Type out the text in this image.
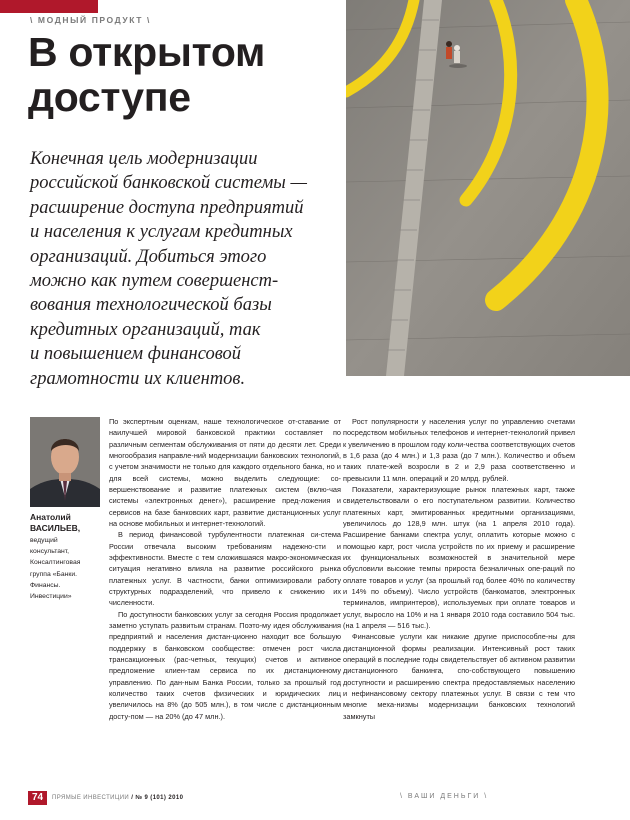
\ МОДНЫЙ ПРОДУКТ \
В открытом
доступе
Конечная цель модернизации
российской банковской системы —
расширение доступа предприятий
и населения к услугам кредитных
организаций. Добиться этого
можно как путем совершенст-
вования технологической базы
кредитных организаций, так
и повышением финансовой
грамотности их клиентов.
Анатолий
ВАСИЛЬЕВ,
ведущий
консультант,
Консалтинговая
группа «Банки.
Финансы.
Инвестиции»

По экспертным оценкам, наше технологическое от-ставание от наилучшей мировой банковской практики составляет по различным сегментам обслуживания от пяти до десяти лет. Среди многообразия направле-ний модернизации банковских технологий, с учетом значимости не только для каждого отдельного банка, но и для всей системы, можно выделить следующие: со-вершенствование и развитие платежных систем (вклю-чая системы «электронных денег»), расширение пред-ложения и сервисов на базе банковских карт, развитие дистанционных услуг на основе мобильных и интернет-технологий.

В период финансовой турбулентности платежная си-стема России отвечала высоким требованиям надежно-сти и эффективности. Вместе с тем сложившаяся макро-экономическая ситуация негативно влияла на развитие российского рынка платежных услуг. В частности, банки оптимизировали работу структурных подразделений, что привело к снижению их численности.

По доступности банковских услуг за сегодня Россия продолжает заметно уступать развитым странам. Поэто-му идея обслуживания предприятий и населения дистан-ционно находит все большую поддержку в банковском сообществе: отмечен рост числа трансакционных (рас-четных, текущих) счетов и активное предложение клиен-там сервиса по их дистанционному управлению. По дан-ным Банка России, только за прошлый год количество таких счетов физических и юридических лиц увеличилось на 8% (до 505 млн.), в том числе с дистанционным досту-пом — на 20% (до 47 млн.).

Рост популярности у населения услуг по управлению счетами посредством мобильных телефонов и интернет-технологий привел к увеличению в прошлом году коли-чества соответствующих счетов в 1,6 раза (до 4 млн.) и 1,3 раза (до 7 млн.). Количество и объем таких плате-жей возросли в 2 и 2,9 раза соответственно и превысили 11 млн. операций и 20 млрд. рублей.

Показатели, характеризующие рынок платежных карт, также свидетельствовали о его поступательном развитии. Количество платежных карт, эмитированных кредитными организациями, увеличилось до 128,9 млн. штук (на 1 апреля 2010 года). Расширение банками спектра услуг, оплатить которые можно с помощью карт, рост числа устройств по их приему и расширение их функциональных возможностей в значительной мере обусловили высокие темпы прироста безналичных опе-раций по оплате товаров и услуг (за прошлый год более 40% по количеству и 14% по объему). Число устройств (банкоматов, электронных терминалов, импринтеров), используемых при оплате товаров и услуг, выросло на 10% и на 1 января 2010 года составило 504 тыс. (на 1 апреля — 516 тыс.).

Финансовые услуги как никакие другие приспособле-ны для дистанционной формы реализации. Интенсивный рост таких операций в последние годы свидетельствует об активном развитии дистанционного банкинга, спо-собствующего повышению доступности и расширению спектра предоставляемых населению и нефинансовому сектору платежных услуг. В связи с тем что многие меха-низмы модернизации банковских технологий замкнуты

74	ПРЯМЫЕ ИНВЕСТИЦИИ / № 9 (101) 2010	\ ВАШИ ДЕНЬГИ \
